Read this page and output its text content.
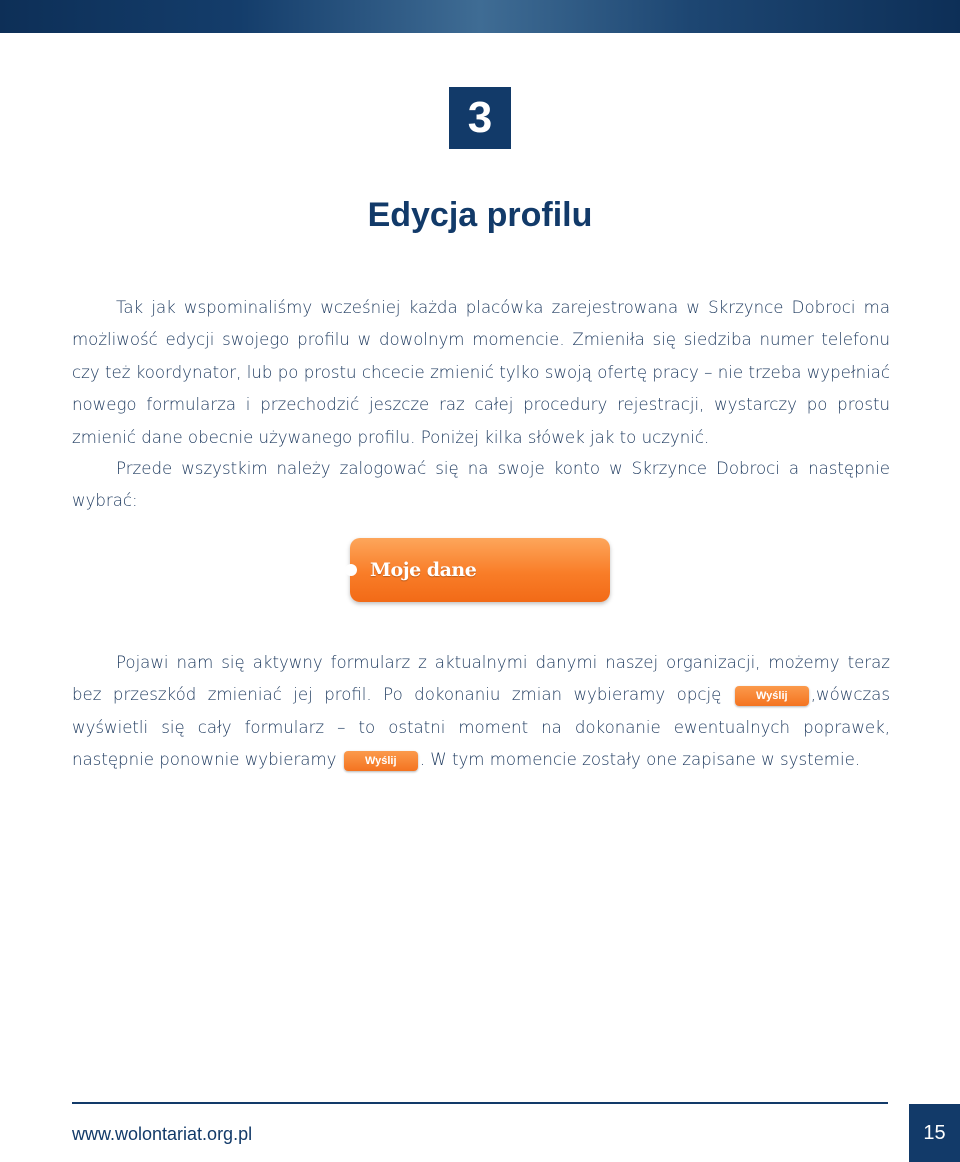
3
Edycja profilu

Tak jak wspominaliśmy wcześniej każda placówka zarejestrowana w Skrzynce Dobroci ma możliwość edycji swojego profilu w dowolnym momencie. Zmieniła się siedziba numer telefonu czy też koordynator, lub po prostu chcecie zmienić tylko swoją ofertę pracy – nie trzeba wypełniać nowego formularza i przechodzić jeszcze raz całej procedury rejestracji, wystarczy po prostu zmienić dane obecnie używanego profilu. Poniżej kilka słówek jak to uczynić.

Przede wszystkim należy zalogować się na swoje konto w Skrzynce Dobroci a następnie wybrać:

Moje dane

Pojawi nam się aktywny formularz z aktualnymi danymi naszej organizacji, możemy teraz bez przeszkód zmieniać jej profil. Po dokonaniu zmian wybieramy opcję	Wyślij ,wówczas wyświetli się cały formularz – to ostatni moment na dokonanie ewentualnych poprawek, następnie ponownie wybieramy	Wyślij . W tym momencie zostały one zapisane w systemie.

www.wolontariat.org.pl	15
